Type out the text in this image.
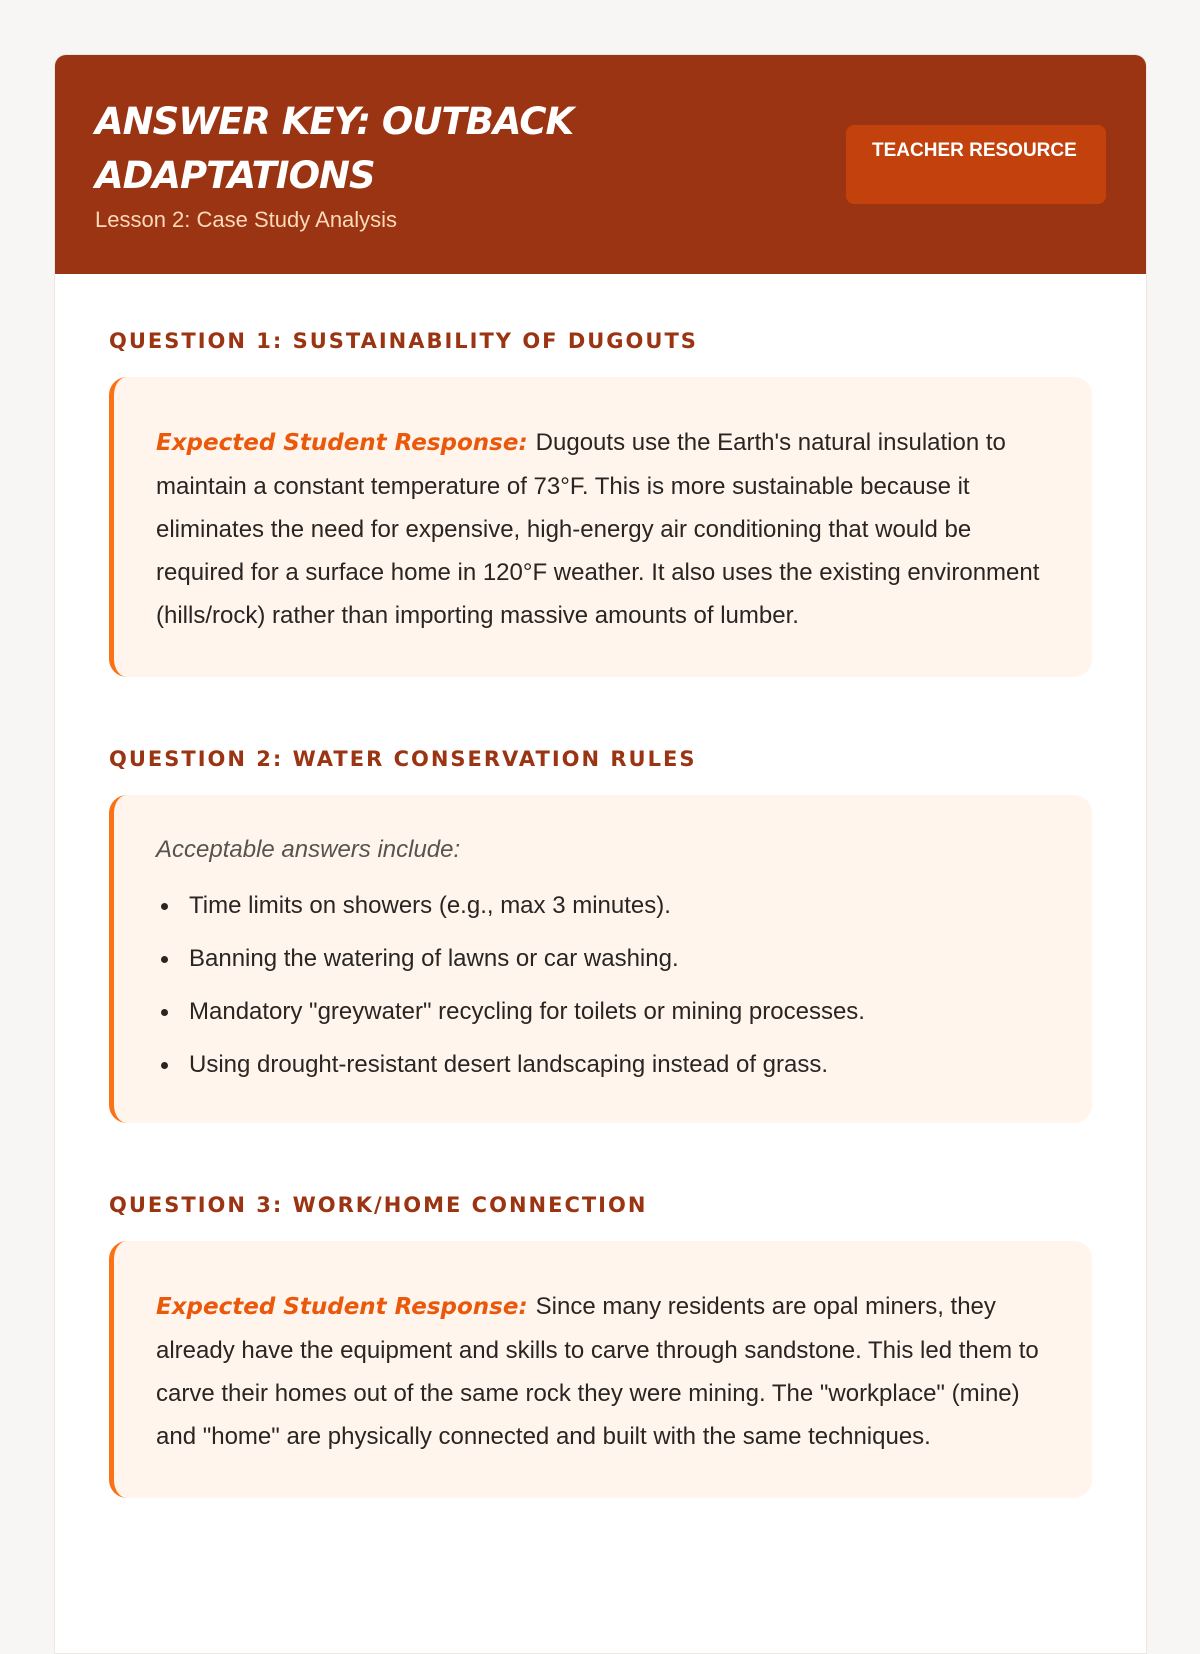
ANSWER KEY: OUTBACK ADAPTATIONS
Lesson 2: Case Study Analysis
TEACHER RESOURCE
QUESTION 1: SUSTAINABILITY OF DUGOUTS
Expected Student Response: Dugouts use the Earth's natural insulation to maintain a constant temperature of 73°F. This is more sustainable because it eliminates the need for expensive, high-energy air conditioning that would be required for a surface home in 120°F weather. It also uses the existing environment (hills/rock) rather than importing massive amounts of lumber.
QUESTION 2: WATER CONSERVATION RULES
Acceptable answers include:
Time limits on showers (e.g., max 3 minutes).
Banning the watering of lawns or car washing.
Mandatory "greywater" recycling for toilets or mining processes.
Using drought-resistant desert landscaping instead of grass.
QUESTION 3: WORK/HOME CONNECTION
Expected Student Response: Since many residents are opal miners, they already have the equipment and skills to carve through sandstone. This led them to carve their homes out of the same rock they were mining. The "workplace" (mine) and "home" are physically connected and built with the same techniques.
